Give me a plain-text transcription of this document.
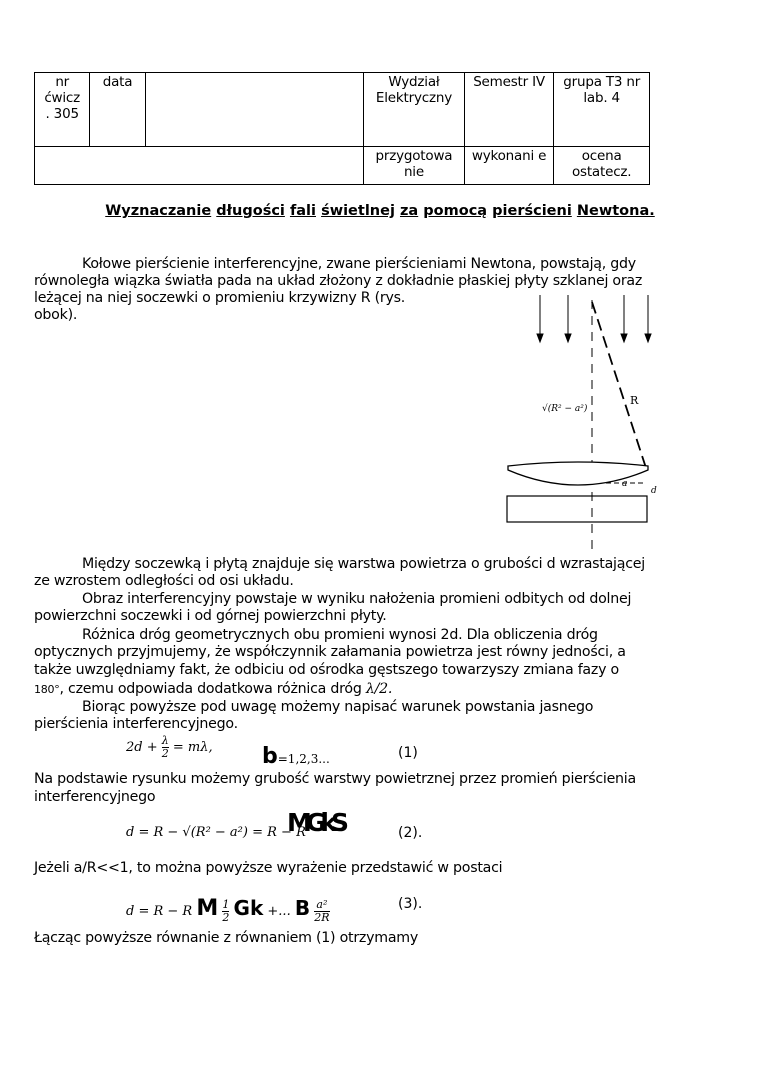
nr ćwicz
. 305	data		Wydział Elektryczny	Semestr IV	grupa T3 nr lab. 4
			przygotowa nie	wykonani e	ocena ostatecz.
Wyznaczanie długości fali świetlnej za pomocą pierścieni Newtona.
Kołowe pierścienie interferencyjne, zwane pierścieniami Newtona, powstają, gdy
równoległa wiązka światła pada na układ złożony z dokładnie płaskiej płyty szklanej oraz
leżącej na niej soczewki o promieniu krzywizny R (rys.
obok).
√(R² − a²)
R
a
d
Między soczewką i płytą znajduje się warstwa powietrza o grubości d wzrastającej
ze wzrostem odległości od osi układu.
Obraz interferencyjny powstaje w wyniku nałożenia promieni odbitych od dolnej
powierzchni soczewki i od górnej powierzchni płyty.
Różnica dróg geometrycznych obu promieni wynosi 2d. Dla obliczenia dróg
optycznych przyjmujemy, że współczynnik załamania powietrza jest równy jedności, a
także uwzględniamy fakt, że odbiciu od ośrodka gęstszego towarzyszy zmiana fazy o
180°, czemu odpowiada dodatkowa różnica dróg λ/2.
Biorąc powyższe pod uwagę możemy napisać warunek powstania jasnego
pierścienia interferencyjnego.
$2d + \frac{\lambda}{2} = m\lambda$, b=1,2,3...	(1)
Na podstawie rysunku możemy grubość warstwy powietrznej przez promień pierścienia
interferencyjnego
d = R − √(R² − a²) = R − R
MGkS	(2).
Jeżeli a/R<<1, to można powyższe wyrażenie przedstawić w postaci
d = R − R M $\frac{1}{2}$ Gk +... B $\frac{\text{a²}}{2R}$	(3).
Łącząc powyższe równanie z równaniem (1) otrzymamy
